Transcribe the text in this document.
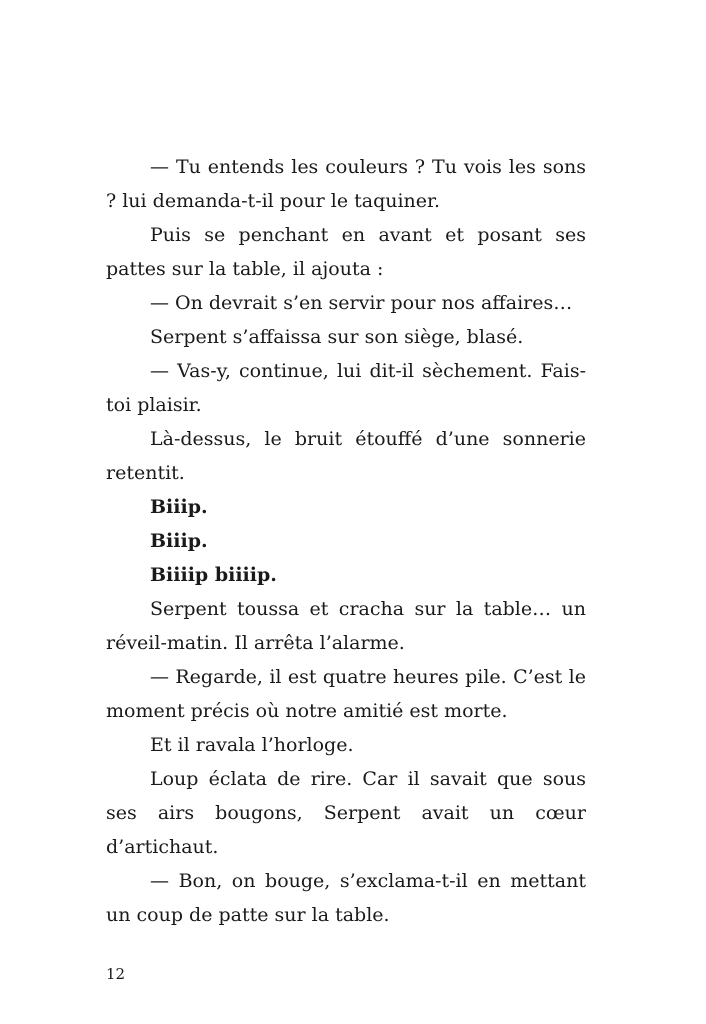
— Tu entends les couleurs ? Tu vois les sons ? lui demanda-t-il pour le taquiner.

Puis se penchant en avant et posant ses pattes sur la table, il ajouta :

— On devrait s’en servir pour nos affaires…

Serpent s’affaissa sur son siège, blasé.

— Vas-y, continue, lui dit-il sèchement. Fais-toi plaisir.

Là-dessus, le bruit étouffé d’une sonnerie retentit.

Biiip.

Biiip.

Biiiip biiiip.

Serpent toussa et cracha sur la table… un réveil-matin. Il arrêta l’alarme.

— Regarde, il est quatre heures pile. C’est le moment précis où notre amitié est morte.

Et il ravala l’horloge.

Loup éclata de rire. Car il savait que sous ses airs bougons, Serpent avait un cœur d’artichaut.

— Bon, on bouge, s’exclama-t-il en mettant un coup de patte sur la table.

12
